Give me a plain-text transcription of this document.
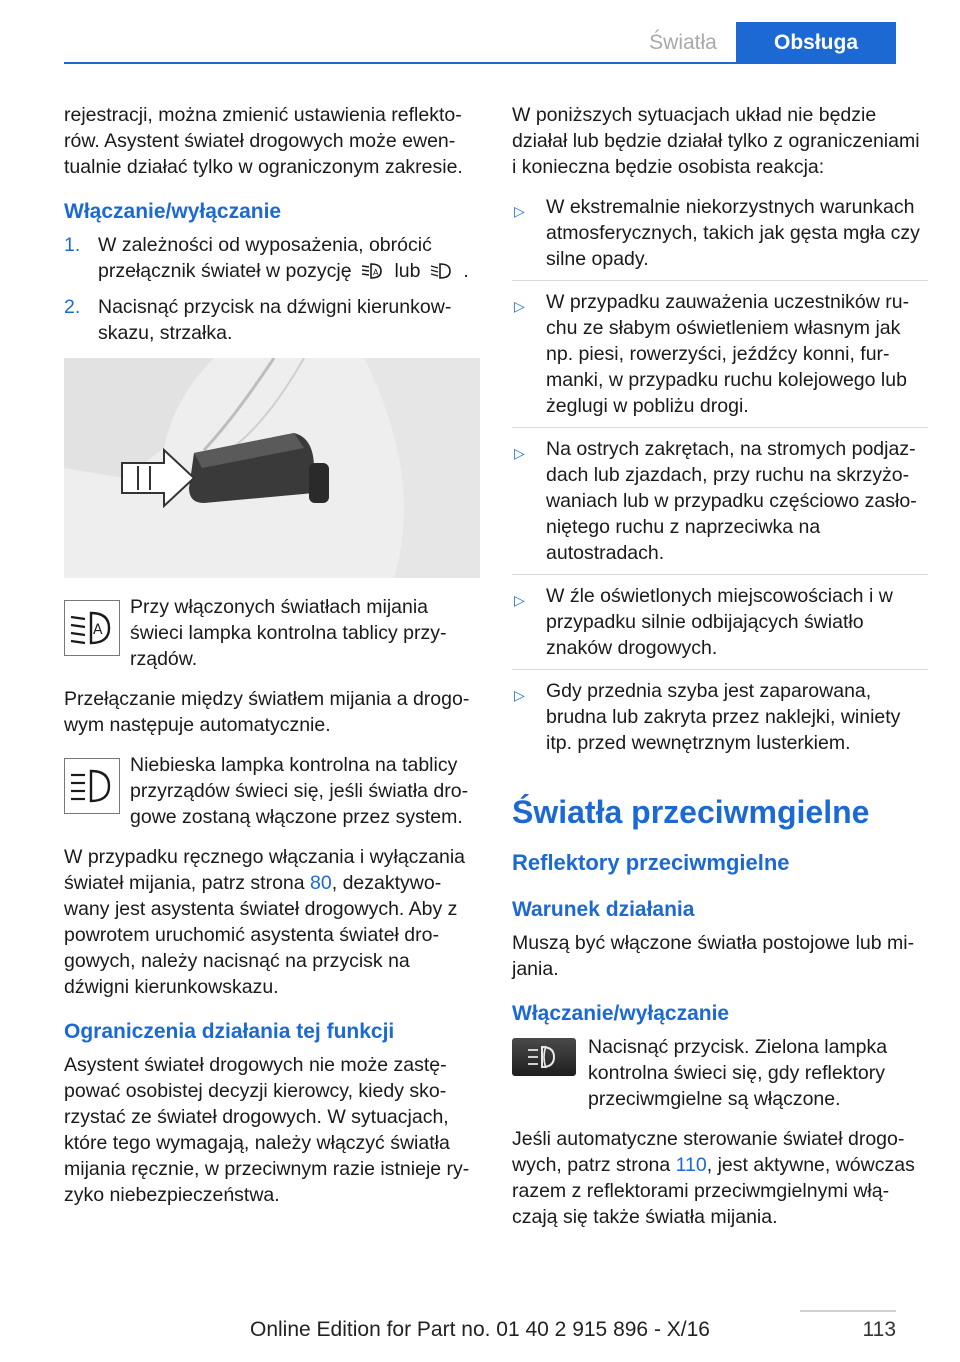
Światła	Obsługa

rejestracji, można zmienić ustawienia reflektorów. Asystent świateł drogowych może ewentualnie działać tylko w ograniczonym zakresie.

Włączanie/wyłączanie
1. W zależności od wyposażenia, obrócić przełącznik świateł w pozycję	A lub .
2. Nacisnąć przycisk na dźwigni kierunkowskazu, strzałka.
A

Przy włączonych światłach mijania świeci lampka kontrolna tablicy przyrządów.

Przełączanie między światłem mijania a drogowym następuje automatycznie.

Niebieska lampka kontrolna na tablicy przyrządów świeci się, jeśli światła drogowe zostaną włączone przez system.

W przypadku ręcznego włączania i wyłączania świateł mijania, patrz strona 80, dezaktywowany jest asystenta świateł drogowych. Aby z powrotem uruchomić asystenta świateł drogowych, należy nacisnąć na przycisk na dźwigni kierunkowskazu.

Ograniczenia działania tej funkcji

Asystent świateł drogowych nie może zastępować osobistej decyzji kierowcy, kiedy skorzystać ze świateł drogowych. W sytuacjach, które tego wymagają, należy włączyć światła mijania ręcznie, w przeciwnym razie istnieje ryzyko niebezpieczeństwa.

W poniższych sytuacjach układ nie będzie działał lub będzie działał tylko z ograniczeniami i konieczna będzie osobista reakcja:

▷ W ekstremalnie niekorzystnych warunkach atmosferycznych, takich jak gęsta mgła czy silne opady.
▷ W przypadku zauważenia uczestników ruchu ze słabym oświetleniem własnym jak np. piesi, rowerzyści, jeźdźcy konni, furmanki, w przypadku ruchu kolejowego lub żeglugi w pobliżu drogi.
▷ Na ostrych zakrętach, na stromych podjazdach lub zjazdach, przy ruchu na skrzyżowaniach lub w przypadku częściowo zasłoniętego ruchu z naprzeciwka na autostradach.
▷ W źle oświetlonych miejscowościach i w przypadku silnie odbijających światło znaków drogowych.
▷ Gdy przednia szyba jest zaparowana, brudna lub zakryta przez naklejki, winiety itp. przed wewnętrznym lusterkiem.
Światła przeciwmgielne
Reflektory przeciwmgielne
Warunek działania

Muszą być włączone światła postojowe lub mijania.

Włączanie/wyłączanie

Nacisnąć przycisk. Zielona lampka kontrolna świeci się, gdy reflektory przeciwmgielne są włączone.

Jeśli automatyczne sterowanie świateł drogowych, patrz strona 110, jest aktywne, wówczas razem z reflektorami przeciwmgielnymi włączają się także światła mijania.

113
Online Edition for Part no. 01 40 2 915 896 - X/16
